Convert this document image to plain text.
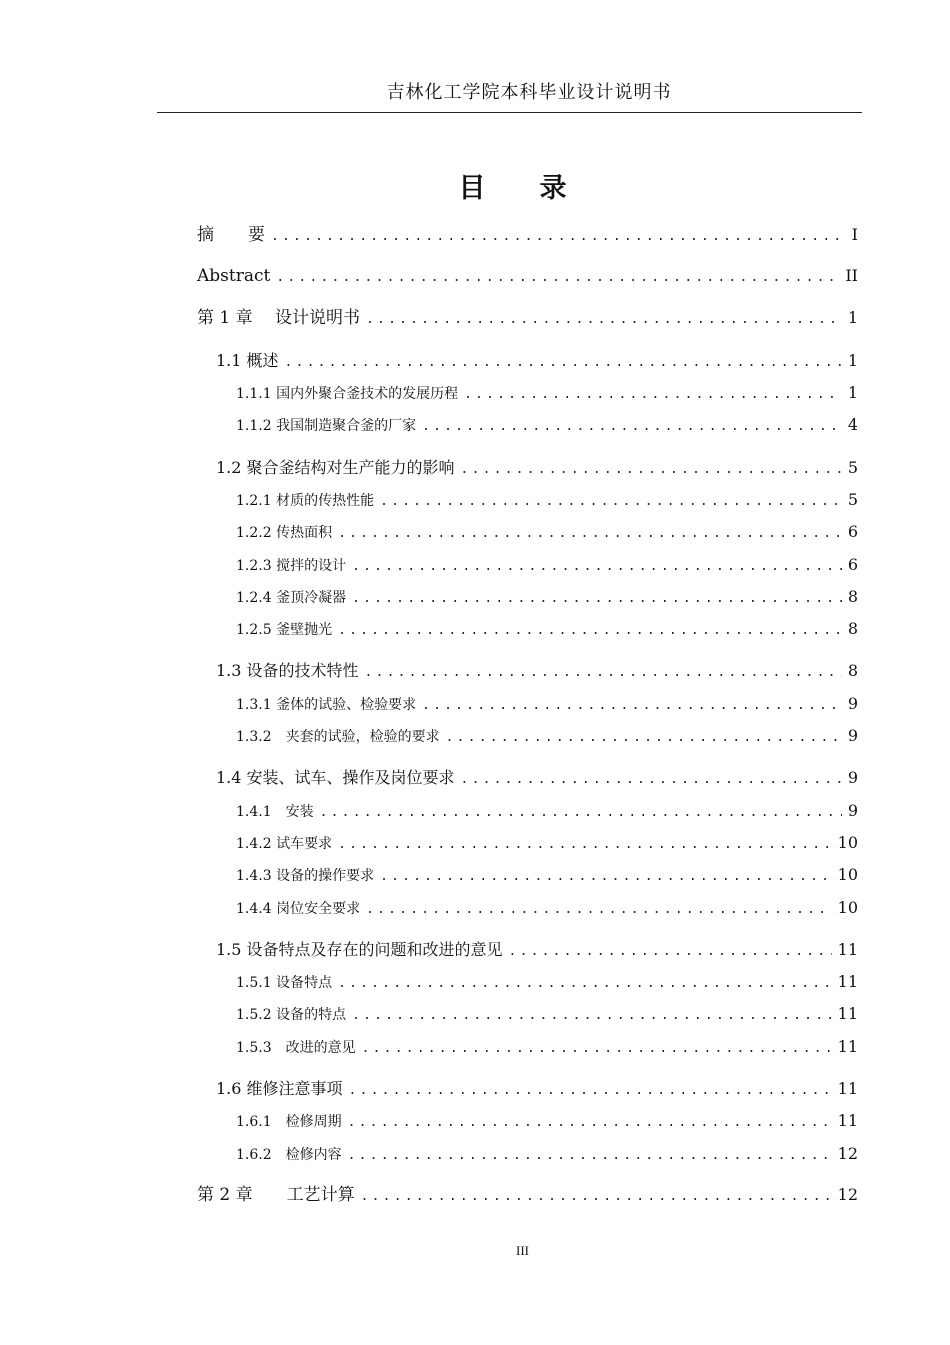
吉林化工学院本科毕业设计说明书
目 录
摘　　要 .....	I
Abstract .....	II
第 1 章　 设计说明书 .....	1
1.1 概述 .....	1
1.1.1 国内外聚合釜技术的发展历程 .....	1
1.1.2 我国制造聚合釜的厂家 .....	4
1.2 聚合釜结构对生产能力的影响 .....	5
1.2.1 材质的传热性能 .....	5
1.2.2 传热面积 .....	6
1.2.3 搅拌的设计 .....	6
1.2.4 釜顶冷凝器 .....	8
1.2.5 釜壁抛光 .....	8
1.3 设备的技术特性 .....	8
1.3.1 釜体的试验、检验要求 .....	9
1.3.2　夹套的试验，检验的要求 .....	9
1.4 安装、试车、操作及岗位要求 .....	9
1.4.1　安装 .....	9
1.4.2 试车要求 .....	10
1.4.3 设备的操作要求 .....	10
1.4.4 岗位安全要求 .....	10
1.5 设备特点及存在的问题和改进的意见 .....	11
1.5.1 设备特点 .....	11
1.5.2 设备的特点 .....	11
1.5.3　改进的意见 .....	11
1.6 维修注意事项 .....	11
1.6.1　检修周期 .....	11
1.6.2　检修内容 .....	12
第 2 章　　工艺计算 .....	12
III
